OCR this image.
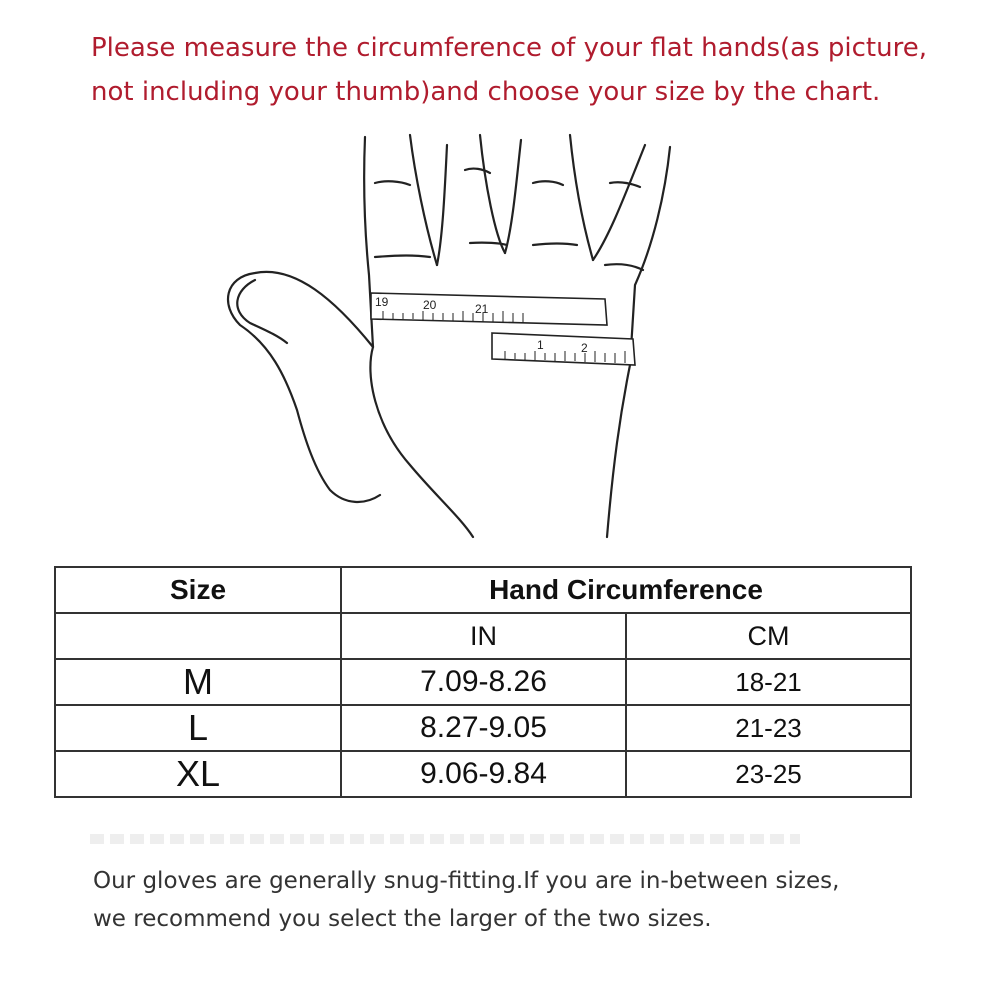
Please measure the circumference of your flat hands(as picture,
not including your thumb)and choose your size by the chart.
19	20	21
1	2
Size	Hand Circumference	
	IN	CM
M	7.09-8.26	18-21
L	8.27-9.05	21-23
XL	9.06-9.84	23-25
Our gloves are generally snug-fitting.If you are in-between sizes,
we recommend you select the larger of the two sizes.
